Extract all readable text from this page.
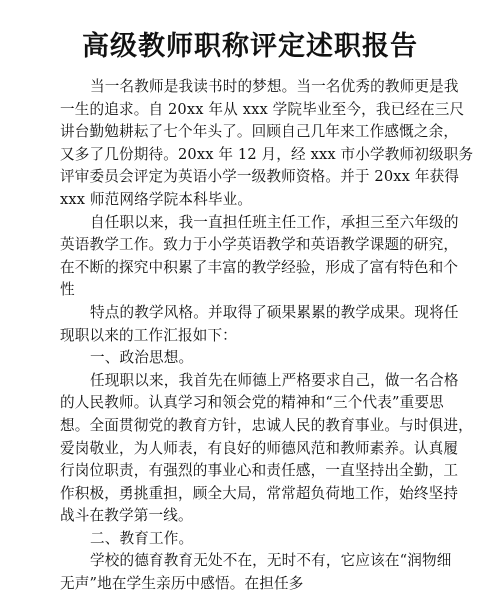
高级教师职称评定述职报告
当一名教师是我读书时的梦想。当一名优秀的教师更是我
一生的追求。自 20xx 年从 xxx 学院毕业至今，我已经在三尺
讲台勤勉耕耘了七个年头了。回顾自己几年来工作感慨之余，
又多了几份期待。20xx 年 12 月，经 xxx 市小学教师初级职务
评审委员会评定为英语小学一级教师资格。并于 20xx 年获得
xxx 师范网络学院本科毕业。
自任职以来，我一直担任班主任工作，承担三至六年级的
英语教学工作。致力于小学英语教学和英语教学课题的研究，
在不断的探究中积累了丰富的教学经验，形成了富有特色和个
性
特点的教学风格。并取得了硕果累累的教学成果。现将任
现职以来的工作汇报如下：
一、政治思想。
任现职以来，我首先在师德上严格要求自己，做一名合格
的人民教师。认真学习和领会党的精神和“三个代表”重要思
想。全面贯彻党的教育方针，忠诚人民的教育事业。与时俱进，
爱岗敬业，为人师表，有良好的师德风范和教师素养。认真履
行岗位职责，有强烈的事业心和责任感，一直坚持出全勤，工
作积极，勇挑重担，顾全大局，常常超负荷地工作，始终坚持
战斗在教学第一线。
二、教育工作。
学校的德育教育无处不在，无时不有，它应该在“润物细
无声”地在学生亲历中感悟。在担任多
